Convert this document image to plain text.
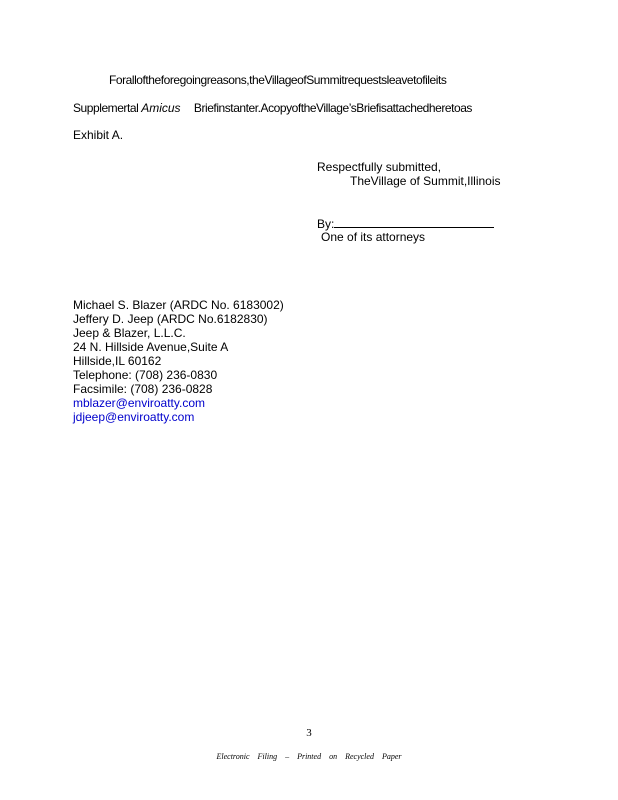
Foralloftheforegoingreasons,theVillageofSummitrequestsleavetofileits
Supplemertal Amicus Briefinstanter.AcopyoftheVillage’sBriefisattachedheretoas
Exhibit A.
Respectfully submitted,
TheVillage of Summit,Illinois
By:
One of its attorneys
Michael S. Blazer (ARDC No. 6183002)
Jeffery D. Jeep (ARDC No.6182830)
Jeep & Blazer, L.L.C.
24 N. Hillside Avenue,Suite A
Hillside,IL 60162
Telephone: (708) 236-0830
Facsimile: (708) 236-0828
mblazer@enviroatty.com
jdjeep@enviroatty.com
3
Electronic Filing – Printed on Recycled Paper
